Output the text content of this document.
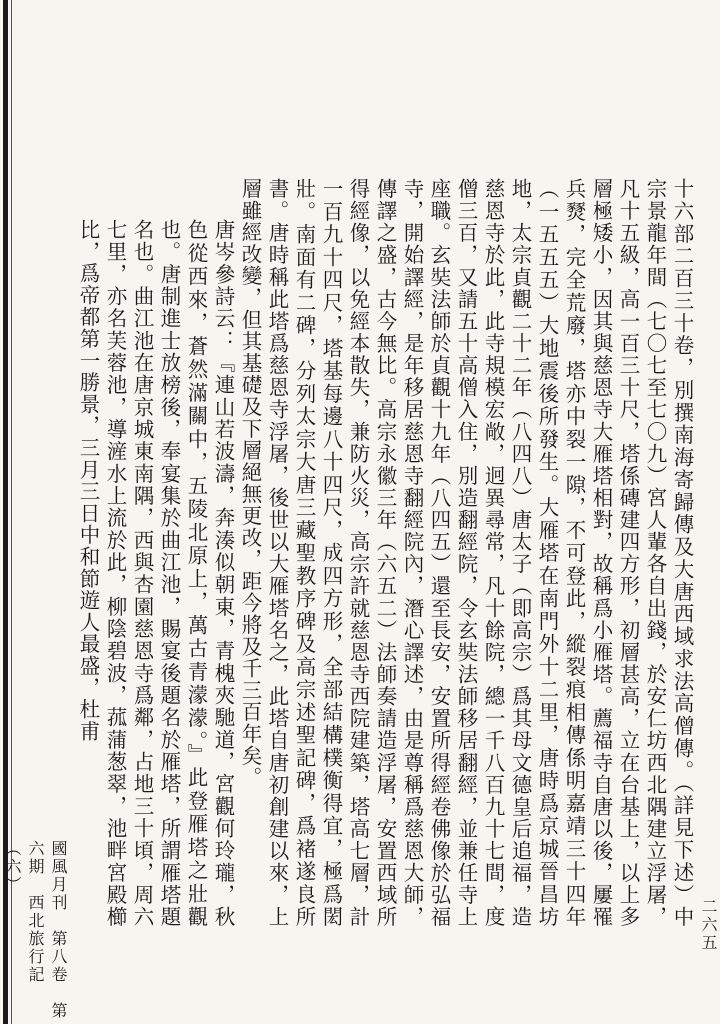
十六部二百三十卷，別撰南海寄歸傳及大唐西域求法高僧傳。（詳見下述）中宗景龍年間（七〇七至七〇九）宮人輩各自出錢，於安仁坊西北隅建立浮屠，凡十五級，高一百三十尺，塔係磚建四方形，初層甚高，立在台基上，以上多層極矮小，因其與慈恩寺大雁塔相對，故稱爲小雁塔。薦福寺自唐以後，屢罹兵燹，完全荒廢，塔亦中裂一隙，不可登此，縱裂痕相傳係明嘉靖三十四年（一五五五）大地震後所發生。大雁塔在南門外十二里，唐時爲京城晉昌坊地，太宗貞觀二十二年（八四八）唐太子（即高宗）爲其母文德皇后追福，造慈恩寺於此，此寺規模宏敞，迥異尋常，凡十餘院，總一千八百九十七間，度僧三百，又請五十高僧入住，別造翻經院，令玄奘法師移居翻經，並兼任寺上座職。玄奘法師於貞觀十九年（八四五）還至長安，安置所得經卷佛像於弘福寺，開始譯經，是年移居慈恩寺翻經院內，潛心譯述，由是尊稱爲慈恩大師，傳譯之盛，古今無比。高宗永徽三年（六五二）法師奏請造浮屠，安置西域所得經像，以免經本散失，兼防火災，高宗許就慈恩寺西院建築，塔高七層，計一百九十四尺，塔基每邊八十四尺，成四方形，全部結構樸衡得宜，極爲閎壯。南面有二碑，分列太宗大唐三藏聖教序碑及高宗述聖記碑，爲褚遂良所書。唐時稱此塔爲慈恩寺浮屠，後世以大雁塔名之，此塔自唐初創建以來，上層雖經改變，但其基礎及下層絕無更改，距今將及千三百年矣。

唐岑參詩云：『連山若波濤，奔湊似朝東，青槐夾馳道，宮觀何玲瓏，秋色從西來，蒼然滿關中，五陵北原上，萬古青濛濛。』此登雁塔之壯觀也。唐制進士放榜後，奉宴集於曲江池，賜宴後題名於雁塔，所謂雁塔題名也。曲江池在唐京城東南隅，西與杏園慈恩寺爲鄰，占地三十頃，周六七里，亦名芙蓉池，導滻水上流於此，柳陰碧波，菰蒲葱翠，池畔宮殿櫛比，爲帝都第一勝景，三月三日中和節遊人最盛，杜甫

二六五
國風月刊　第八卷　第六期　西北旅行記（六）
